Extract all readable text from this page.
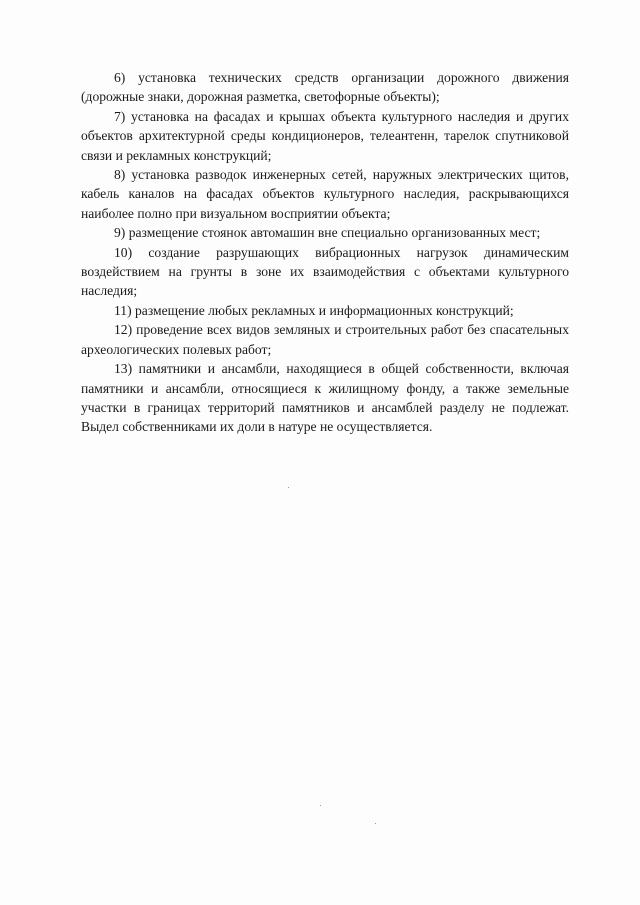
6) установка технических средств организации дорожного движения (дорожные знаки, дорожная разметка, светофорные объекты);

7) установка на фасадах и крышах объекта культурного наследия и других объектов архитектурной среды кондиционеров, телеантенн, тарелок спутниковой связи и рекламных конструкций;

8) установка разводок инженерных сетей, наружных электрических щитов, кабель каналов на фасадах объектов культурного наследия, раскрывающихся наиболее полно при визуальном восприятии объекта;

9) размещение стоянок автомашин вне специально организованных мест;

10) создание разрушающих вибрационных нагрузок динамическим воздействием на грунты в зоне их взаимодействия с объектами культурного наследия;

11) размещение любых рекламных и информационных конструкций;

12) проведение всех видов земляных и строительных работ без спасательных археологических полевых работ;

13) памятники и ансамбли, находящиеся в общей собственности, включая памятники и ансамбли, относящиеся к жилищному фонду, а также земельные участки в границах территорий памятников и ансамблей разделу не подлежат. Выдел собственниками их доли в натуре не осуществляется.
